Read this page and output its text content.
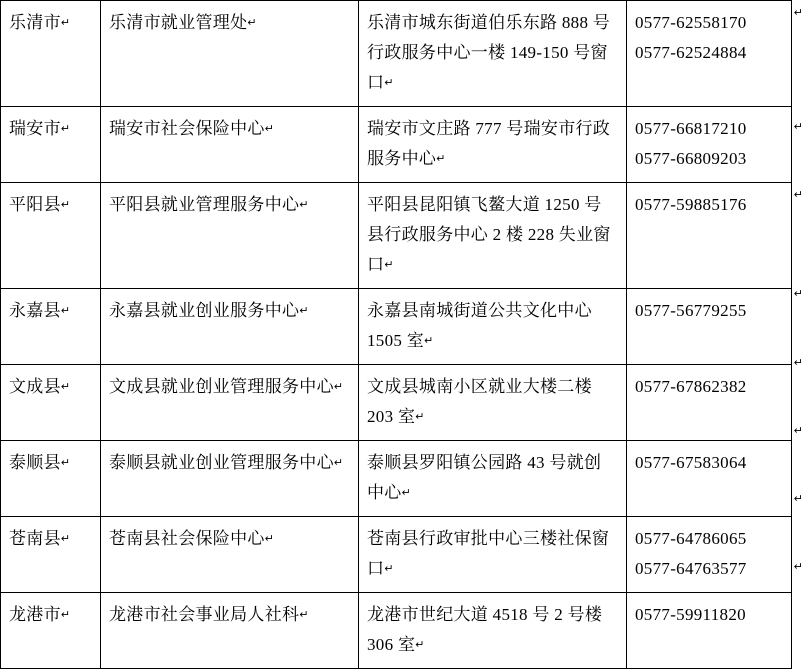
乐清市↵	乐清市就业管理处↵	乐清市城东街道伯乐东路 888 号行政服务中心一楼 149-150 号窗口↵	0577-62558170
0577-62524884

瑞安市↵	瑞安市社会保险中心↵	瑞安市文庄路 777 号瑞安市行政服务中心↵	0577-66817210
0577-66809203

平阳县↵	平阳县就业管理服务中心↵	平阳县昆阳镇飞鳌大道 1250 号县行政服务中心 2 楼 228 失业窗口↵	0577-59885176

永嘉县↵	永嘉县就业创业服务中心↵	永嘉县南城街道公共文化中心 1505 室↵	0577-56779255

文成县↵	文成县就业创业管理服务中心↵	文成县城南小区就业大楼二楼 203 室↵	0577-67862382

泰顺县↵	泰顺县就业创业管理服务中心↵	泰顺县罗阳镇公园路 43 号就创中心↵	0577-67583064

苍南县↵	苍南县社会保险中心↵	苍南县行政审批中心三楼社保窗口↵	0577-64786065
0577-64763577

龙港市↵	龙港市社会事业局人社科↵	龙港市世纪大道 4518 号 2 号楼 306 室↵	0577-59911820
↵
↵
↵
↵
↵
↵
↵
↵
